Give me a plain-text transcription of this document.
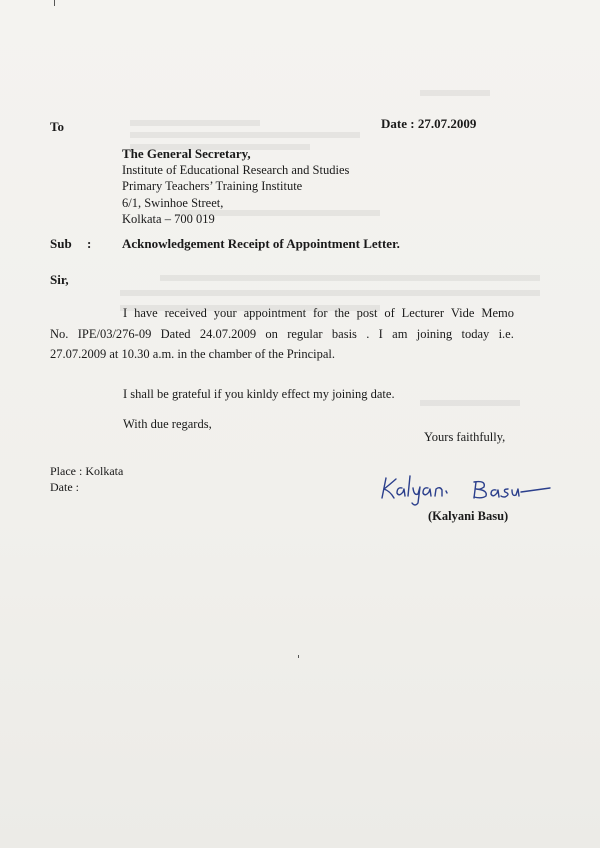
To	Date : 27.07.2009
The General Secretary,
Institute of Educational Research and Studies
Primary Teachers’ Training Institute
6/1, Swinhoe Street,
Kolkata – 700 019
Sub : Acknowledgement Receipt of Appointment Letter.
Sir,
I have received your appointment for the post of Lecturer Vide Memo
No. IPE/03/276-09 Dated 24.07.2009 on regular basis . I am joining today i.e.
27.07.2009 at 10.30 a.m. in the chamber of the Principal.
I shall be grateful if you kinldy effect my joining date.
With due regards,
Yours faithfully,
Place : Kolkata
Date :
(Kalyani Basu)
